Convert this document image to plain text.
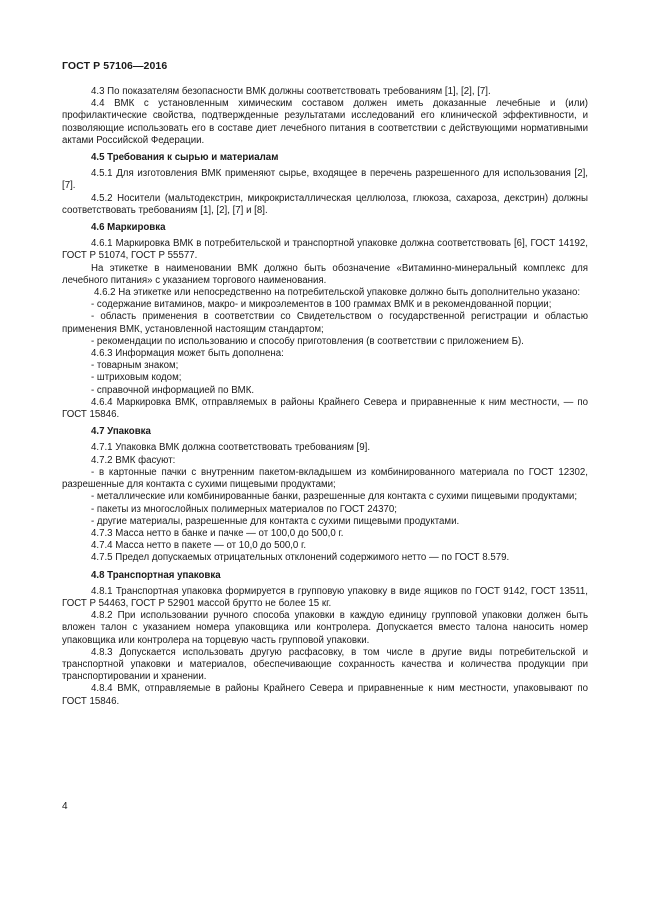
ГОСТ Р 57106—2016

4.3 По показателям безопасности ВМК должны соответствовать требованиям [1], [2], [7].

4.4 ВМК с установленным химическим составом должен иметь доказанные лечебные и (или) профилактические свойства, подтвержденные результатами исследований его клинической эффективности, и позволяющие использовать его в составе диет лечебного питания в соответствии с действующими нормативными актами Российской Федерации.

4.5 Требования к сырью и материалам

4.5.1 Для изготовления ВМК применяют сырье, входящее в перечень разрешенного для использования [2], [7].

4.5.2 Носители (мальтодекстрин, микрокристаллическая целлюлоза, глюкоза, сахароза, декстрин) должны соответствовать требованиям [1], [2], [7] и [8].

4.6 Маркировка

4.6.1 Маркировка ВМК в потребительской и транспортной упаковке должна соответствовать [6], ГОСТ 14192, ГОСТ Р 51074, ГОСТ Р 55577.

На этикетке в наименовании ВМК должно быть обозначение «Витаминно-минеральный комплекс для лечебного питания» с указанием торгового наименования.

4.6.2 На этикетке или непосредственно на потребительской упаковке должно быть дополнительно указано:

- содержание витаминов, макро- и микроэлементов в 100 граммах ВМК и в рекомендованной порции;

- область применения в соответствии со Свидетельством о государственной регистрации и областью применения ВМК, установленной настоящим стандартом;

- рекомендации по использованию и способу приготовления (в соответствии с приложением Б).

4.6.3 Информация может быть дополнена:

- товарным знаком;

- штриховым кодом;

- справочной информацией по ВМК.

4.6.4 Маркировка ВМК, отправляемых в районы Крайнего Севера и приравненные к ним местности, — по ГОСТ 15846.

4.7 Упаковка

4.7.1 Упаковка ВМК должна соответствовать требованиям [9].

4.7.2 ВМК фасуют:

- в картонные пачки с внутренним пакетом-вкладышем из комбинированного материала по ГОСТ 12302, разрешенные для контакта с сухими пищевыми продуктами;

- металлические или комбинированные банки, разрешенные для контакта с сухими пищевыми продуктами;

- пакеты из многослойных полимерных материалов по ГОСТ 24370;

- другие материалы, разрешенные для контакта с сухими пищевыми продуктами.

4.7.3 Масса нетто в банке и пачке — от 100,0 до 500,0 г.

4.7.4 Масса нетто в пакете — от 10,0 до 500,0 г.

4.7.5 Предел допускаемых отрицательных отклонений содержимого нетто — по ГОСТ 8.579.

4.8 Транспортная упаковка

4.8.1 Транспортная упаковка формируется в групповую упаковку в виде ящиков по ГОСТ 9142, ГОСТ 13511, ГОСТ Р 54463, ГОСТ Р 52901 массой брутто не более 15 кг.

4.8.2 При использовании ручного способа упаковки в каждую единицу групповой упаковки должен быть вложен талон с указанием номера упаковщика или контролера. Допускается вместо талона наносить номер упаковщика или контролера на торцевую часть групповой упаковки.

4.8.3 Допускается использовать другую расфасовку, в том числе в другие виды потребительской и транспортной упаковки и материалов, обеспечивающие сохранность качества и количества продукции при транспортировании и хранении.

4.8.4 ВМК, отправляемые в районы Крайнего Севера и приравненные к ним местности, упаковывают по ГОСТ 15846.

4
